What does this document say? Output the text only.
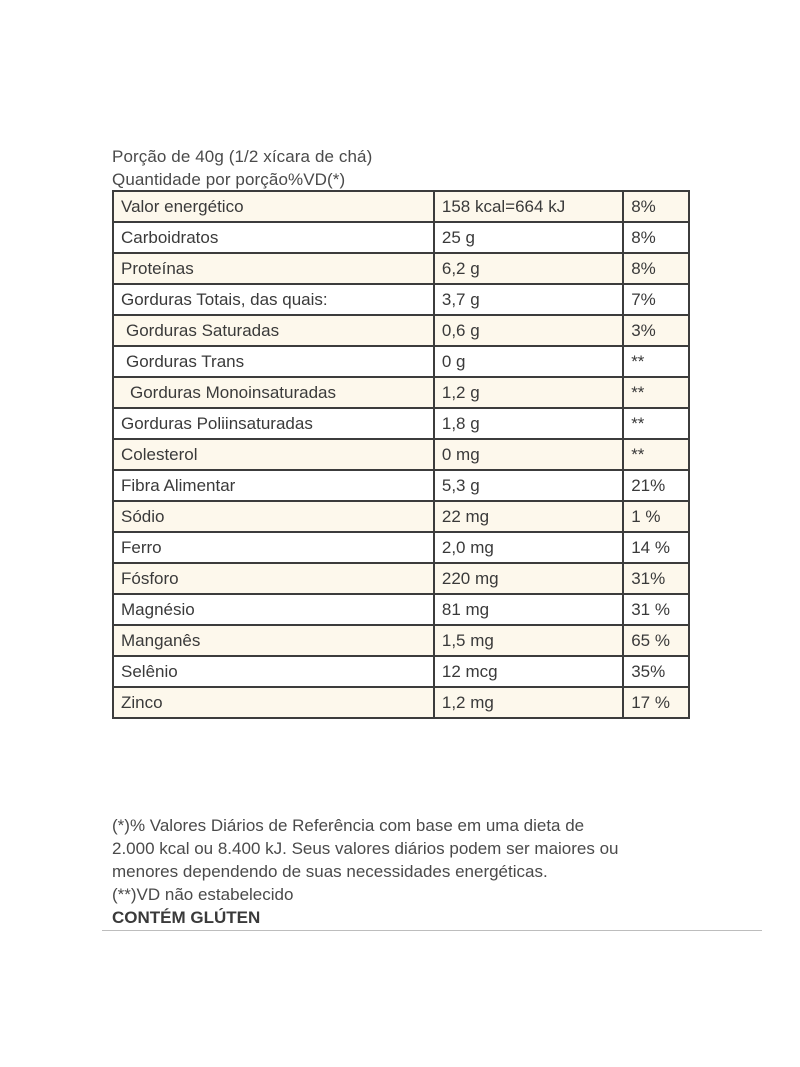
Porção de 40g (1/2 xícara de chá)
Quantidade por porção%VD(*)
Valor energético	158 kcal=664 kJ	8%
Carboidratos	25 g	8%
Proteínas	6,2 g	8%
Gorduras Totais, das quais:	3,7 g	7%
Gorduras Saturadas	0,6 g	3%
Gorduras Trans	0 g	**
Gorduras Monoinsaturadas	1,2 g	**
Gorduras Poliinsaturadas	1,8 g	**
Colesterol	0 mg	**
Fibra Alimentar	5,3 g	21%
Sódio	22 mg	1 %
Ferro	2,0 mg	14 %
Fósforo	220 mg	31%
Magnésio	81 mg	31 %
Manganês	1,5 mg	65 %
Selênio	12 mcg	35%
Zinco	1,2 mg	17 %
(*)% Valores Diários de Referência com base em uma dieta de
2.000 kcal ou 8.400 kJ. Seus valores diários podem ser maiores ou
menores dependendo de suas necessidades energéticas.
(**)VD não estabelecido
CONTÉM GLÚTEN
